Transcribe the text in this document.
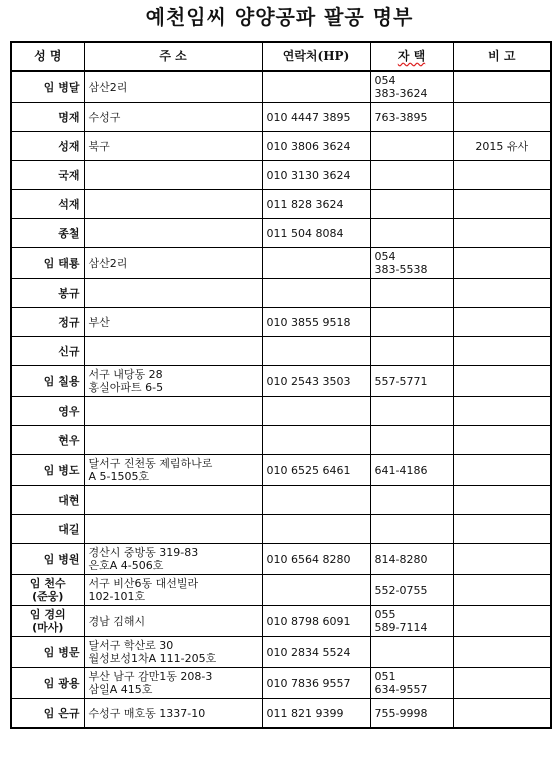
예천임씨 양양공파 팔공 명부
성 명	주 소	연락처(HP)	자 택	비 고

임 병달	삼산2리		054
383-3624	

명재	수성구	010 4447 3895	763-3895	

성재	북구	010 3806 3624		2015 유사

국재		010 3130 3624	

석재		011 828 3624	

종철		011 504 8084	

임 태룡	삼산2리		054
383-5538	

봉규				

정규	부산	010 3855 9518	

신규				

임 칠용	서구 내당동 28
홍실아파트 6-5	010 2543 3503	557-5771	

영우				

현우				

임 병도	달서구 진천동 제림하나로
A 5-1505호	010 6525 6461	641-4186	

대현				

대길				

임 병원	경산시 중방동 319-83
은호A 4-506호	010 6564 8280	814-8280	

임 천수
(준웅)	서구 비산6동 대선빌라
102-101호		552-0755	

임 경의
(마사)	경남 김해시	010 8798 6091	055
589-7114	

임 병문	달서구 학산로 30
월성보성1차A 111-205호	010 2834 5524	

임 광용	부산 남구 감만1동 208-3
삼일A 415호	010 7836 9557	051
634-9557	

임 은규	수성구 매호동 1337-10	011 821 9399	755-9998	
